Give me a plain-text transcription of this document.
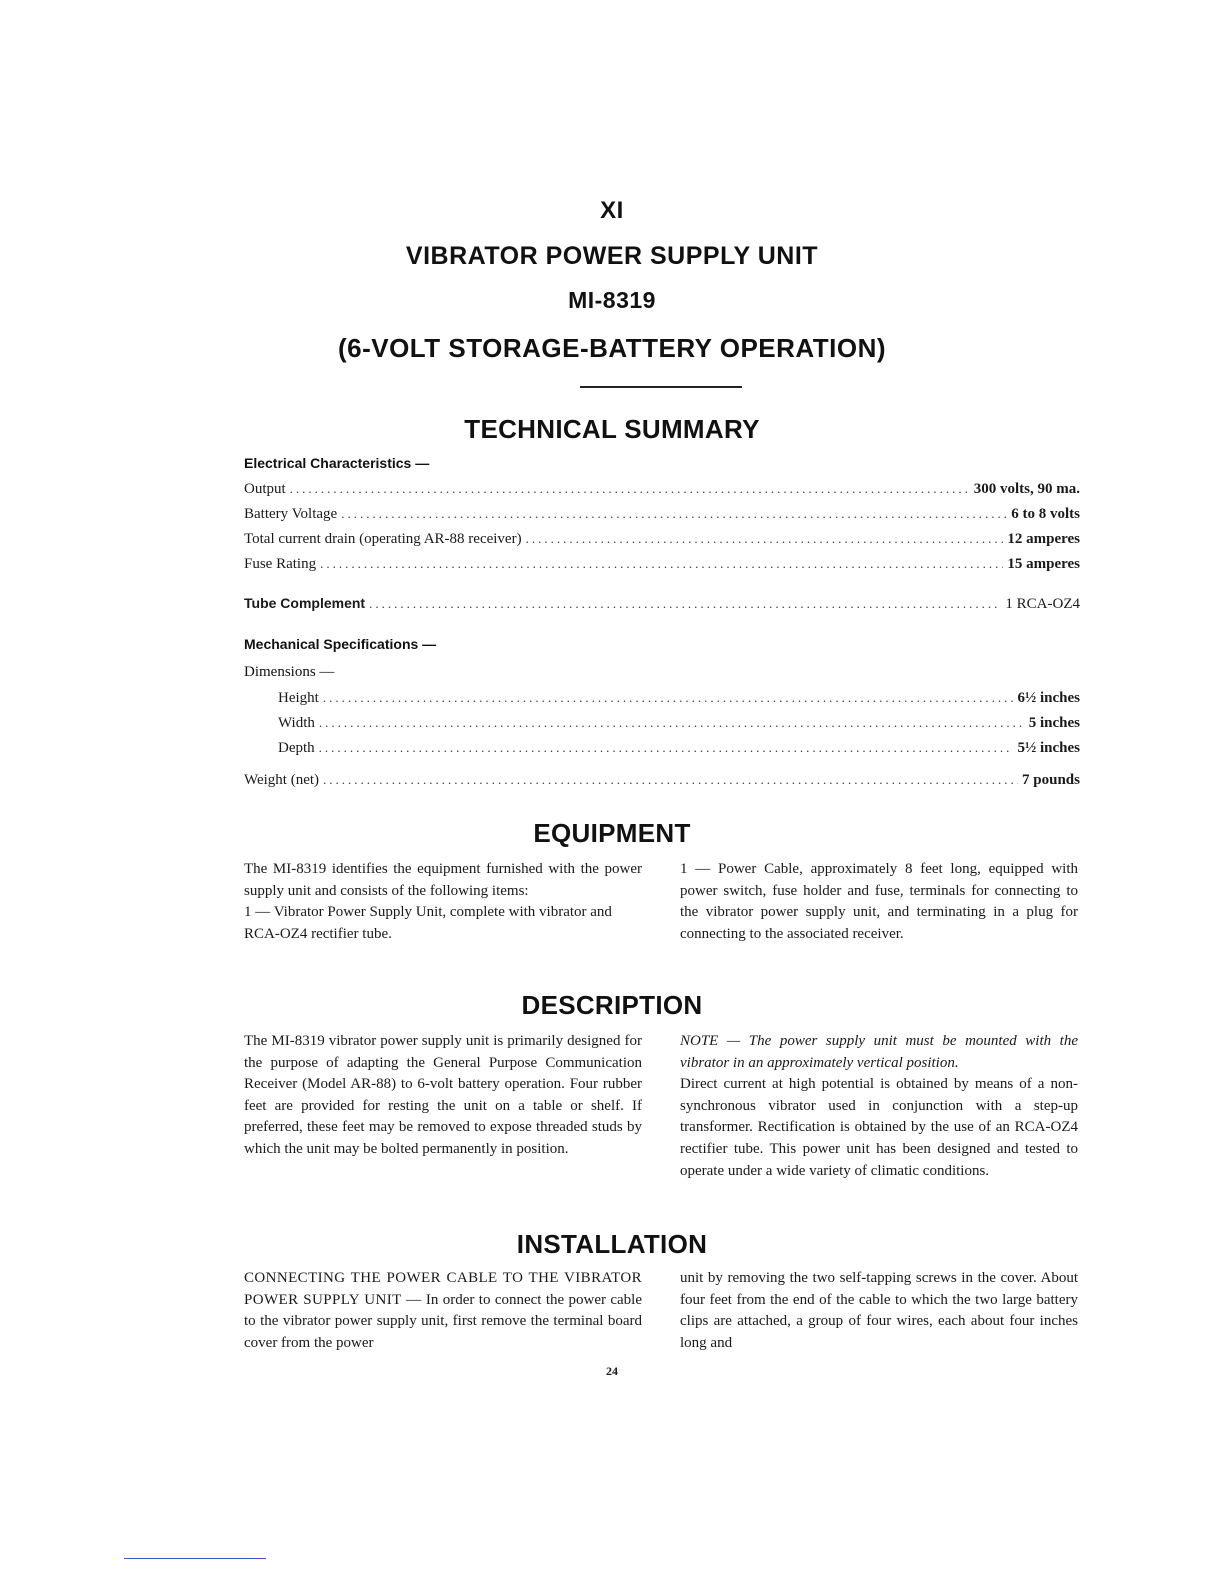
XI
VIBRATOR POWER SUPPLY UNIT
MI-8319
(6-VOLT STORAGE-BATTERY OPERATION)
TECHNICAL SUMMARY
Electrical Characteristics —
Output .....	300 volts, 90 ma.
Battery Voltage .....	6 to 8 volts
Total current drain (operating AR-88 receiver) .....	12 amperes
Fuse Rating .....	15 amperes
Tube Complement .....	1 RCA-OZ4
Mechanical Specifications —
Dimensions —
Height .....	6½ inches
Width .....	5 inches
Depth .....	5½ inches
Weight (net) .....	7 pounds
EQUIPMENT

The MI-8319 identifies the equipment furnished with the power supply unit and consists of the following items:

1 — Vibrator Power Supply Unit, complete with vibrator and RCA-OZ4 rectifier tube.

1 — Power Cable, approximately 8 feet long, equipped with power switch, fuse holder and fuse, terminals for connecting to the vibrator power supply unit, and terminating in a plug for connecting to the associated receiver.

DESCRIPTION

The MI-8319 vibrator power supply unit is primarily designed for the purpose of adapting the General Purpose Communication Receiver (Model AR-88) to 6-volt battery operation. Four rubber feet are provided for resting the unit on a table or shelf. If preferred, these feet may be removed to expose threaded studs by which the unit may be bolted permanently in position.

NOTE — The power supply unit must be mounted with the vibrator in an approximately vertical position.

Direct current at high potential is obtained by means of a non-synchronous vibrator used in conjunction with a step-up transformer. Rectification is obtained by the use of an RCA-OZ4 rectifier tube. This power unit has been designed and tested to operate under a wide variety of climatic conditions.

INSTALLATION

CONNECTING THE POWER CABLE TO THE VIBRATOR POWER SUPPLY UNIT — In order to connect the power cable to the vibrator power supply unit, first remove the terminal board cover from the power

unit by removing the two self-tapping screws in the cover. About four feet from the end of the cable to which the two large battery clips are attached, a group of four wires, each about four inches long and

24
